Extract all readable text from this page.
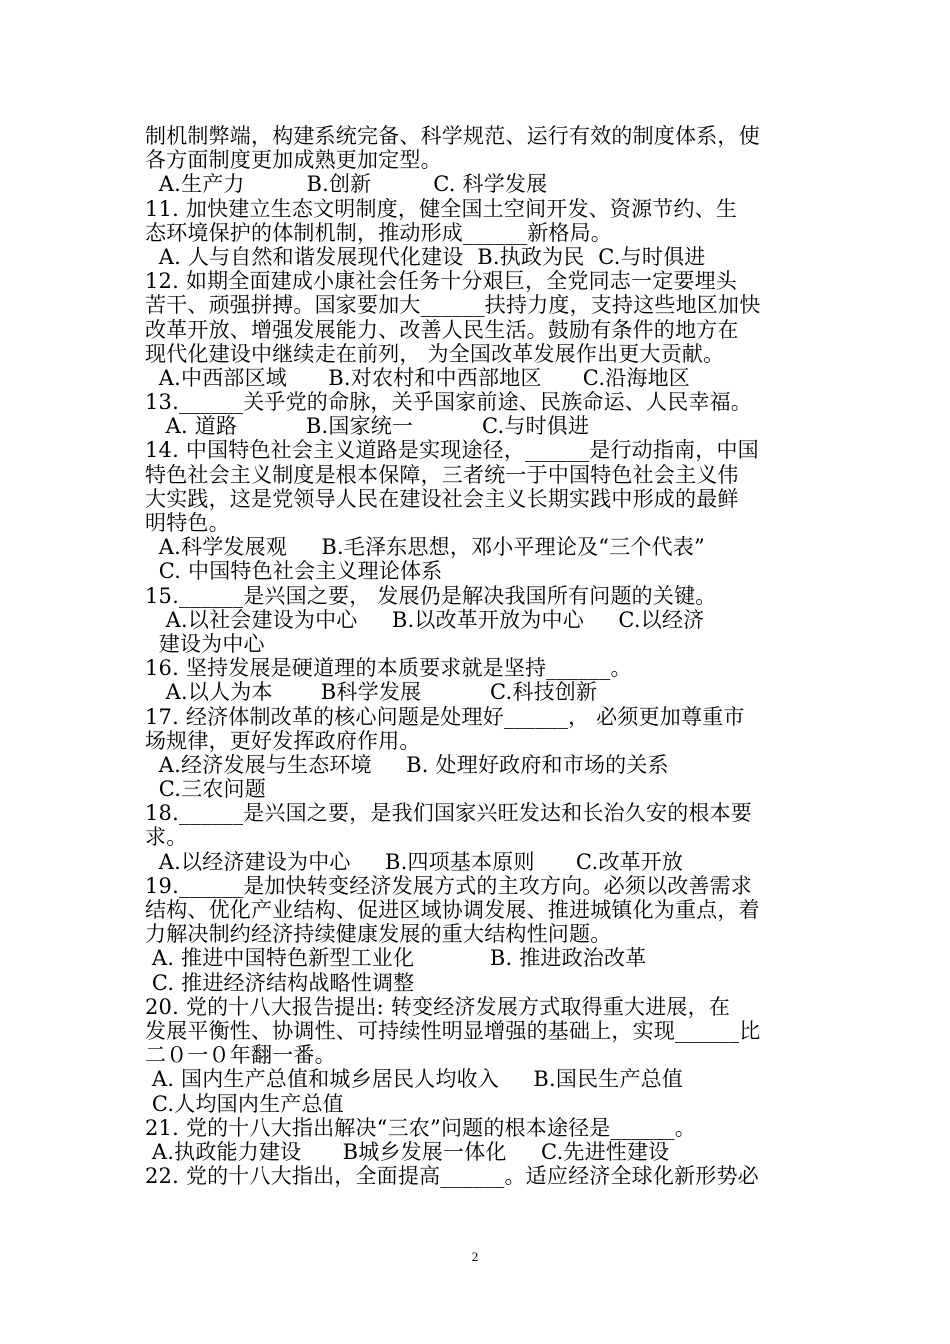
制机制弊端，构建系统完备、科学规范、运行有效的制度体系，使
各方面制度更加成熟更加定型。
A.生产力         B.创新         C. 科学发展
11. 加快建立生态文明制度，健全国土空间开发、资源节约、生
态环境保护的体制机制，推动形成______新格局。
A. 人与自然和谐发展现代化建设  B.执政为民  C.与时俱进
12. 如期全面建成小康社会任务十分艰巨，全党同志一定要埋头
苦干、顽强拼搏。国家要加大______扶持力度，支持这些地区加快
改革开放、增强发展能力、改善人民生活。鼓励有条件的地方在
现代化建设中继续走在前列， 为全国改革发展作出更大贡献。
A.中西部区域      B.对农村和中西部地区      C.沿海地区
13.______关乎党的命脉，关乎国家前途、民族命运、人民幸福。
A. 道路          B.国家统一          C.与时俱进
14. 中国特色社会主义道路是实现途径，______是行动指南，中国
特色社会主义制度是根本保障，三者统一于中国特色社会主义伟
大实践，这是党领导人民在建设社会主义长期实践中形成的最鲜
明特色。
A.科学发展观     B.毛泽东思想，邓小平理论及“三个代表”
C. 中国特色社会主义理论体系
15.______是兴国之要， 发展仍是解决我国所有问题的关键。
A.以社会建设为中心     B.以改革开放为中心     C.以经济
建设为中心
16. 坚持发展是硬道理的本质要求就是坚持______。
A.以人为本       B科学发展          C.科技创新
17. 经济体制改革的核心问题是处理好______， 必须更加尊重市
场规律，更好发挥政府作用。
A.经济发展与生态环境     B. 处理好政府和市场的关系
C.三农问题
18.______是兴国之要，是我们国家兴旺发达和长治久安的根本要
求。
A.以经济建设为中心     B.四项基本原则      C.改革开放
19.______是加快转变经济发展方式的主攻方向。必须以改善需求
结构、优化产业结构、促进区域协调发展、推进城镇化为重点，着
力解决制约经济持续健康发展的重大结构性问题。
A. 推进中国特色新型工业化           B. 推进政治改革
C. 推进经济结构战略性调整
20. 党的十八大报告提出: 转变经济发展方式取得重大进展，在
发展平衡性、协调性、可持续性明显增强的基础上，实现______比
二０一０年翻一番。
A. 国内生产总值和城乡居民人均收入     B.国民生产总值
C.人均国内生产总值
21. 党的十八大指出解决“三农”问题的根本途径是______。
A.执政能力建设      B城乡发展一体化     C.先进性建设
22. 党的十八大指出，全面提高______。适应经济全球化新形势必
2
